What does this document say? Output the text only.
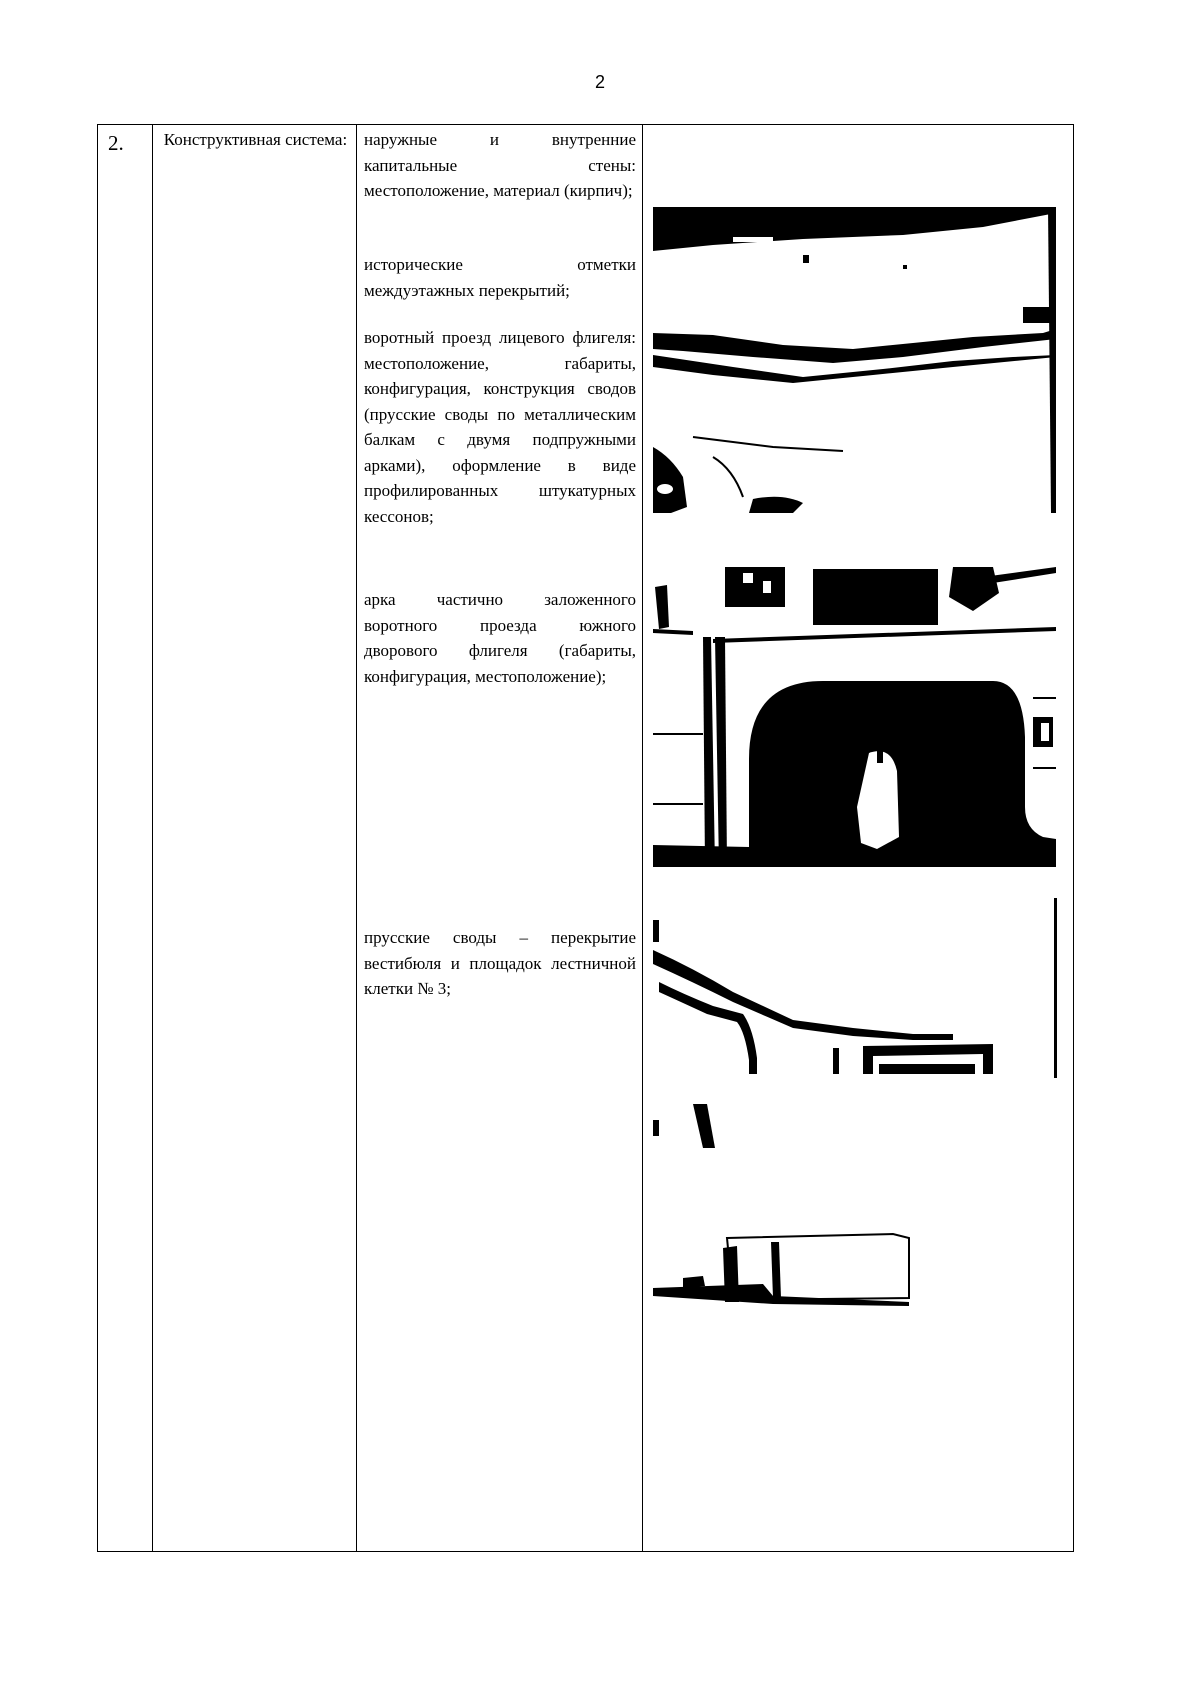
2
2.	Конструктивная система: наружные и внутренние капитальные стены: местоположение, материал (кирпич);
исторические отметки междуэтажных перекрытий;
воротный проезд лицевого флигеля: местоположение, габариты, конфигурация, конструкция сводов (прусские своды по металлическим балкам с двумя подпружными арками), оформление в виде профилированных штукатурных кессонов;
арка частично заложенного воротного проезда южного дворового флигеля (габариты, конфигурация, местоположение);
прусские своды – перекрытие вестибюля и площадок лестничной клетки № 3;
